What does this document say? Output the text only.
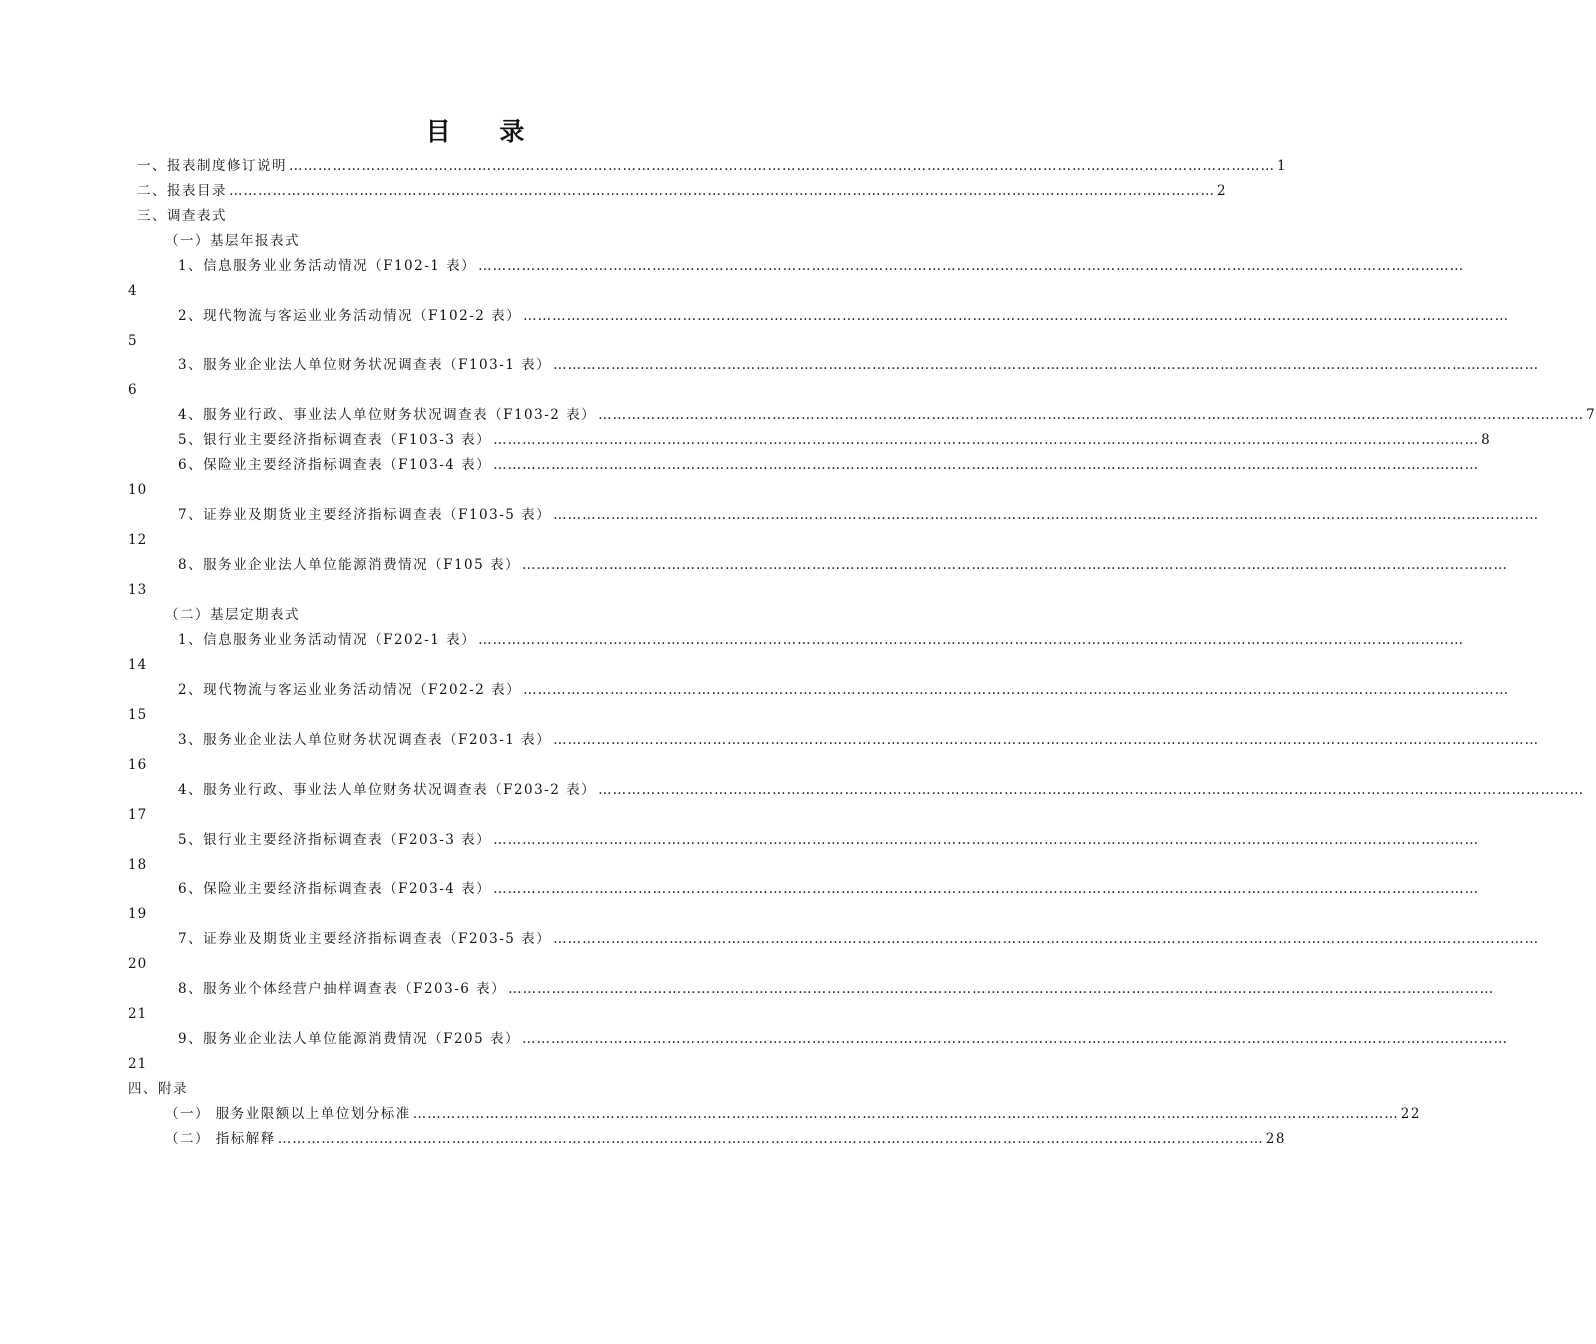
目 录
一、报表制度修订说明 …………………………………………………………………………………………………………………………………………………………………………………… 1
二、报表目录 …………………………………………………………………………………………………………………………………………………………………………………… 2
三、调查表式
（一）基层年报表式
1、信息服务业业务活动情况（F102-1 表） ……………………………………………………………………………………………………………………………………………………………………………………
4
2、现代物流与客运业业务活动情况（F102-2 表） ……………………………………………………………………………………………………………………………………………………………………………………
5
3、服务业企业法人单位财务状况调查表（F103-1 表） ……………………………………………………………………………………………………………………………………………………………………………………
6
4、服务业行政、事业法人单位财务状况调查表（F103-2 表） …………………………………………………………………………………………………………………………………………………………………………………… 7
5、银行业主要经济指标调查表（F103-3 表） …………………………………………………………………………………………………………………………………………………………………………………… 8
6、保险业主要经济指标调查表（F103-4 表） ……………………………………………………………………………………………………………………………………………………………………………………
10
7、证券业及期货业主要经济指标调查表（F103-5 表） ……………………………………………………………………………………………………………………………………………………………………………………
12
8、服务业企业法人单位能源消费情况（F105 表） ……………………………………………………………………………………………………………………………………………………………………………………
13
（二）基层定期表式
1、信息服务业业务活动情况（F202-1 表） ……………………………………………………………………………………………………………………………………………………………………………………
14
2、现代物流与客运业业务活动情况（F202-2 表） ……………………………………………………………………………………………………………………………………………………………………………………
15
3、服务业企业法人单位财务状况调查表（F203-1 表） ……………………………………………………………………………………………………………………………………………………………………………………
16
4、服务业行政、事业法人单位财务状况调查表（F203-2 表） ……………………………………………………………………………………………………………………………………………………………………………………
17
5、银行业主要经济指标调查表（F203-3 表） ……………………………………………………………………………………………………………………………………………………………………………………
18
6、保险业主要经济指标调查表（F203-4 表） ……………………………………………………………………………………………………………………………………………………………………………………
19
7、证券业及期货业主要经济指标调查表（F203-5 表） ……………………………………………………………………………………………………………………………………………………………………………………
20
8、服务业个体经营户抽样调查表（F203-6 表） ……………………………………………………………………………………………………………………………………………………………………………………
21
9、服务业企业法人单位能源消费情况（F205 表） ……………………………………………………………………………………………………………………………………………………………………………………
21
四、附录
（一） 服务业限额以上单位划分标准 …………………………………………………………………………………………………………………………………………………………………………………… 22
（二） 指标解释 …………………………………………………………………………………………………………………………………………………………………………………… 28
